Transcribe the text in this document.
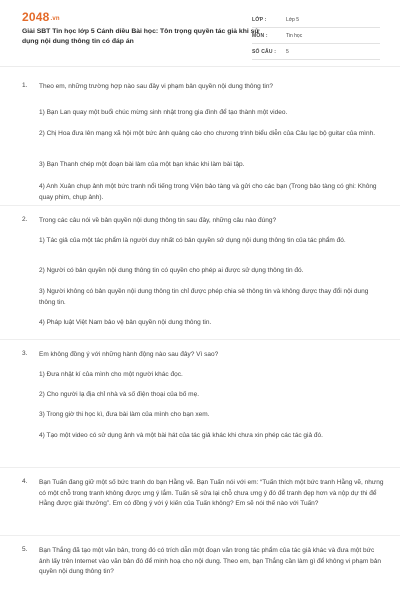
2048.vn
Giải SBT Tin học lớp 5 Cánh diều Bài học: Tôn trọng quyền tác giả khi sử dụng nội dung thông tin có đáp án
LỚP :	Lớp 5
MÔN :	Tin học
SỐ CÂU : 5
1. Theo em, những trường hợp nào sau đây vi phạm bản quyền nội dung thông tin?
1) Bạn Lan quay một buổi chúc mừng sinh nhật trong gia đình để tạo thành một video.
2) Chị Hoa đưa lên mạng xã hội một bức ảnh quảng cáo cho chương trình biểu diễn của Câu lạc bộ guitar của mình.
3) Bạn Thanh chép một đoạn bài làm của một bạn khác khi làm bài tập.
4) Anh Xuân chụp ảnh một bức tranh nổi tiếng trong Viện bảo tàng và gửi cho các bạn (Trong bảo tàng có ghi: Không quay phim, chụp ảnh).
2. Trong các câu nói về bản quyền nội dung thông tin sau đây, những câu nào đúng?
1) Tác giả của một tác phẩm là người duy nhất có bản quyền sử dụng nội dung thông tin của tác phẩm đó.
2) Người có bản quyền nội dung thông tin có quyền cho phép ai được sử dụng thông tin đó.
3) Người không có bản quyền nội dung thông tin chỉ được phép chia sẻ thông tin và không được thay đổi nội dung thông tin.
4) Pháp luật Việt Nam bảo vệ bản quyền nội dung thông tin.
3. Em không đồng ý với những hành động nào sau đây? Vì sao?
1) Đưa nhật kí của mình cho một người khác đọc.
2) Cho người lạ địa chỉ nhà và số điện thoại của bố mẹ.
3) Trong giờ thi học kì, đưa bài làm của mình cho bạn xem.
4) Tạo một video có sử dụng ảnh và một bài hát của tác giả khác khi chưa xin phép các tác giả đó.
4. Bạn Tuấn đang giữ một số bức tranh do bạn Hằng vẽ. Bạn Tuấn nói với em: “Tuấn thích một bức tranh Hằng vẽ, nhưng có một chỗ trong tranh không được ưng ý lắm. Tuấn sẽ sửa lại chỗ chưa ưng ý đó để tranh đẹp hơn và nộp dự thi để Hằng được giải thưởng”. Em có đồng ý với ý kiến của Tuấn không? Em sẽ nói thế nào với Tuấn?
5. Bạn Thắng đã tạo một văn bản, trong đó có trích dẫn một đoạn văn trong tác phẩm của tác giả khác và đưa một bức ảnh lấy trên Internet vào văn bản đó để minh hoạ cho nội dung. Theo em, bạn Thắng cần làm gì để không vi phạm bản quyền nội dung thông tin?
